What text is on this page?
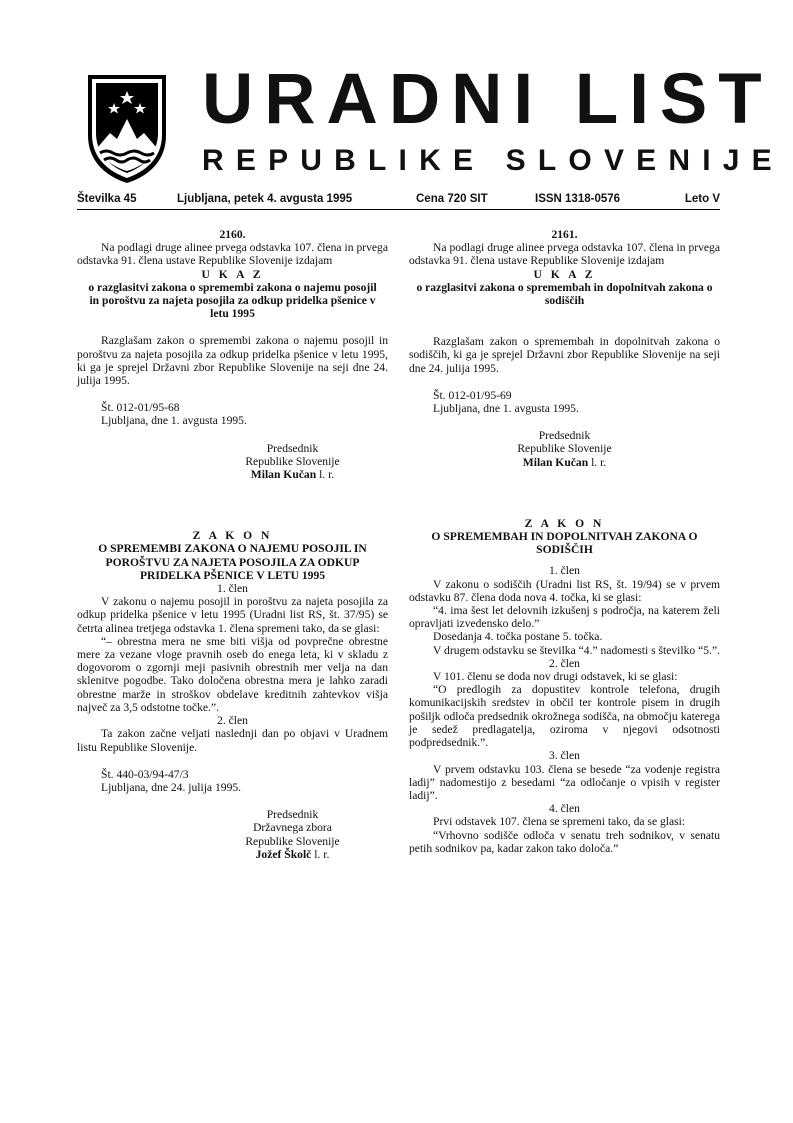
URADNI LIST
REPUBLIKE SLOVENIJE
Številka 45	Ljubljana, petek 4. avgusta 1995	Cena 720 SIT	ISSN 1318-0576	Leto V

2160.

Na podlagi druge alinee prvega odstavka 107. člena in prvega odstavka 91. člena ustave Republike Slovenije izdajam

U K A Z

o razglasitvi zakona o spremembi zakona o najemu posojil in poroštvu za najeta posojila za odkup pridelka pšenice v letu 1995

Razglašam zakon o spremembi zakona o najemu posojil in poroštvu za najeta posojila za odkup pridelka pšenice v letu 1995, ki ga je sprejel Državni zbor Republike Slovenije na seji dne 24. julija 1995.

Št. 012-01/95-68

Ljubljana, dne 1. avgusta 1995.

Predsednik

Republike Slovenije

Milan Kučan l. r.

Z A K O N

O SPREMEMBI ZAKONA O NAJEMU POSOJIL IN POROŠTVU ZA NAJETA POSOJILA ZA ODKUP PRIDELKA PŠENICE V LETU 1995

1. člen

V zakonu o najemu posojil in poroštvu za najeta posojila za odkup pridelka pšenice v letu 1995 (Uradni list RS, št. 37/95) se četrta alinea tretjega odstavka 1. člena spremeni tako, da se glasi:

“– obrestna mera ne sme biti višja od povprečne obrestne mere za vezane vloge pravnih oseb do enega leta, ki v skladu z dogovorom o zgornji meji pasivnih obrestnih mer velja na dan sklenitve pogodbe. Tako določena obrestna mera je lahko zaradi obrestne marže in stroškov obdelave kreditnih zahtevkov višja največ za 3,5 odstotne točke.”.

2. člen

Ta zakon začne veljati naslednji dan po objavi v Uradnem listu Republike Slovenije.

Št. 440-03/94-47/3

Ljubljana, dne 24. julija 1995.

Predsednik

Državnega zbora

Republike Slovenije

Jožef Školč l. r.

2161.

Na podlagi druge alinee prvega odstavka 107. člena in prvega odstavka 91. člena ustave Republike Slovenije izdajam

U K A Z

o razglasitvi zakona o spremembah in dopolnitvah zakona o sodiščih

Razglašam zakon o spremembah in dopolnitvah zakona o sodiščih, ki ga je sprejel Državni zbor Republike Slovenije na seji dne 24. julija 1995.

Št. 012-01/95-69

Ljubljana, dne 1. avgusta 1995.

Predsednik

Republike Slovenije

Milan Kučan l. r.

Z A K O N

O SPREMEMBAH IN DOPOLNITVAH ZAKONA O SODIŠČIH

1. člen

V zakonu o sodiščih (Uradni list RS, št. 19/94) se v prvem odstavku 87. člena doda nova 4. točka, ki se glasi:

“4. ima šest let delovnih izkušenj s področja, na katerem želi opravljati izvedensko delo.”

Dosedanja 4. točka postane 5. točka.

V drugem odstavku se številka “4.” nadomesti s številko “5.”.

2. člen

V 101. členu se doda nov drugi odstavek, ki se glasi:

“O predlogih za dopustitev kontrole telefona, drugih komunikacijskih sredstev in občil ter kontrole pisem in drugih pošiljk odloča predsednik okrožnega sodišča, na območju katerega je sedež predlagatelja, oziroma v njegovi odsotnosti podpredsednik.”.

3. člen

V prvem odstavku 103. člena se besede “za vodenje registra ladij” nadomestijo z besedami “za odločanje o vpisih v register ladij”.

4. člen

Prvi odstavek 107. člena se spremeni tako, da se glasi:

“Vrhovno sodišče odloča v senatu treh sodnikov, v senatu petih sodnikov pa, kadar zakon tako določa.”
